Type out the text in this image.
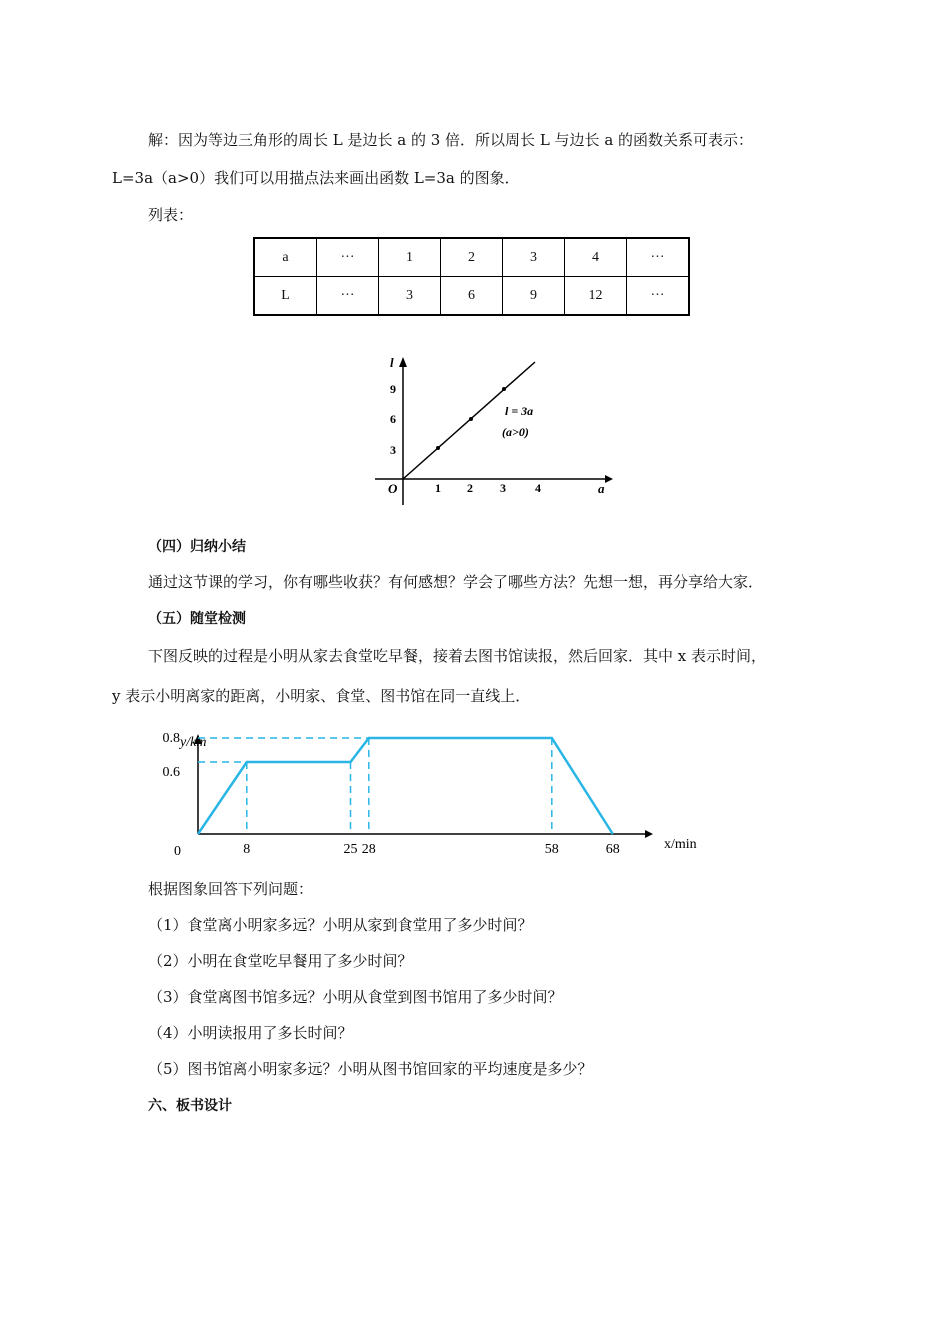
解：因为等边三角形的周长 L 是边长 a 的 3 倍．所以周长 L 与边长 a 的函数关系可表示：
L=3a（a>0）我们可以用描点法来画出函数 L=3a 的图象．
列表：
a	···	1	2	3	4	···
L	···	3	6	9	12	···
l
a
O
3
6
9
1 2 3 4
l = 3a
(a>0)
（四）归纳小结
通过这节课的学习，你有哪些收获？有何感想？学会了哪些方法？先想一想，再分享给大家．
（五）随堂检测
下图反映的过程是小明从家去食堂吃早餐，接着去图书馆读报，然后回家．其中 x 表示时间，
y 表示小明离家的距离，小明家、食堂、图书馆在同一直线上．
y/km
x/min
0	8	25 28	58	68
0.6
0.8
根据图象回答下列问题：
（1）食堂离小明家多远？小明从家到食堂用了多少时间？
（2）小明在食堂吃早餐用了多少时间？
（3）食堂离图书馆多远？小明从食堂到图书馆用了多少时间？
（4）小明读报用了多长时间？
（5）图书馆离小明家多远？小明从图书馆回家的平均速度是多少？
六、板书设计
